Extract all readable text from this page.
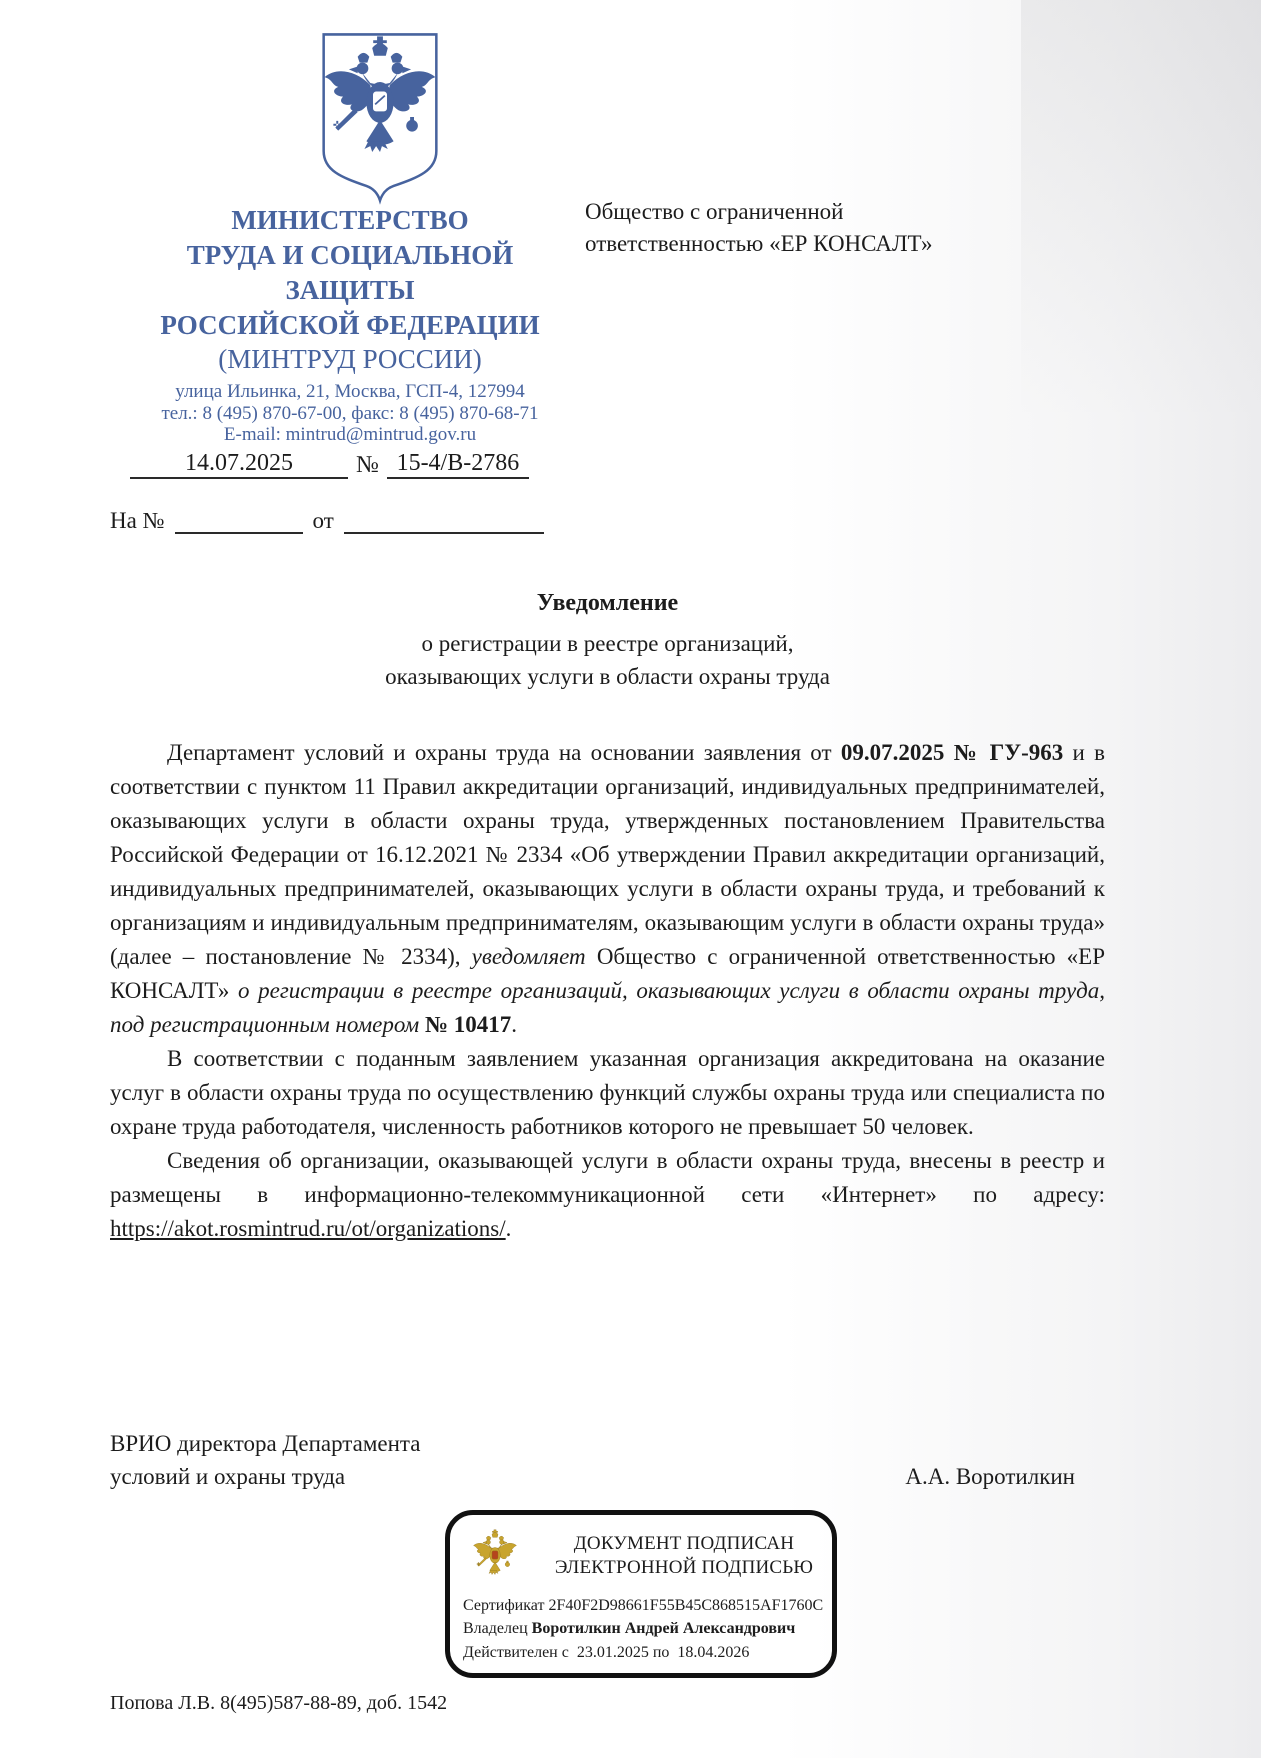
МИНИСТЕРСТВО
ТРУДА И СОЦИАЛЬНОЙ
ЗАЩИТЫ
РОССИЙСКОЙ ФЕДЕРАЦИИ
(МИНТРУД РОССИИ)
улица Ильинка, 21, Москва, ГСП-4, 127994
тел.: 8 (495) 870-67-00, факс: 8 (495) 870-68-71
E-mail: mintrud@mintrud.gov.ru
14.07.2025	№ 15-4/В-2786
На №	от
Общество с ограниченной
ответственностью «ЕР КОНСАЛТ»
Уведомление
о регистрации в реестре организаций,
оказывающих услуги в области охраны труда

Департамент условий и охраны труда на основании заявления от 09.07.2025 № ГУ-963 и в соответствии с пунктом 11 Правил аккредитации организаций, индивидуальных предпринимателей, оказывающих услуги в области охраны труда, утвержденных постановлением Правительства Российской Федерации от 16.12.2021 № 2334 «Об утверждении Правил аккредитации организаций, индивидуальных предпринимателей, оказывающих услуги в области охраны труда, и требований к организациям и индивидуальным предпринимателям, оказывающим услуги в области охраны труда» (далее – постановление № 2334), уведомляет Общество с ограниченной ответственностью «ЕР КОНСАЛТ» о регистрации в реестре организаций, оказывающих услуги в области охраны труда, под регистрационным номером № 10417.

В соответствии с поданным заявлением указанная организация аккредитована на оказание услуг в области охраны труда по осуществлению функций службы охраны труда или специалиста по охране труда работодателя, численность работников которого не превышает 50 человек.

Сведения об организации, оказывающей услуги в области охраны труда, внесены в реестр и размещены в информационно-телекоммуникационной сети «Интернет» по адресу: https://akot.rosmintrud.ru/ot/organizations/.

ВРИО директора Департамента
условий и охраны труда	А.А. Воротилкин
ДОКУМЕНТ ПОДПИСАН
ЭЛЕКТРОННОЙ ПОДПИСЬЮ
Сертификат 2F40F2D98661F55B45C868515AF1760C
Владелец Воротилкин Андрей Александрович
Действителен с  23.01.2025 по  18.04.2026
Попова Л.В. 8(495)587-88-89, доб. 1542
